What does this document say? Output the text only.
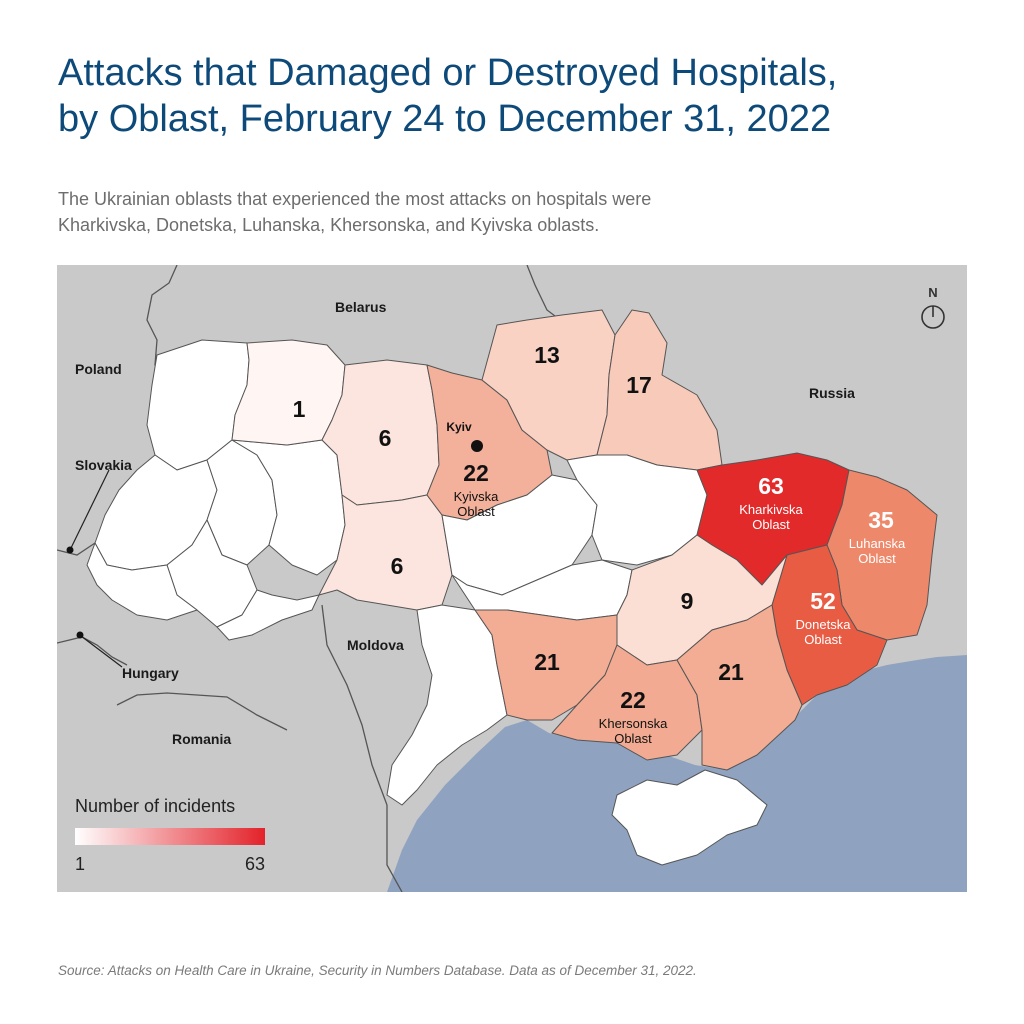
Attacks that Damaged or Destroyed Hospitals,
by Oblast, February 24 to December 31, 2022

The Ukrainian oblasts that experienced the most attacks on hospitals were
Kharkivska, Donetska, Luhanska, Khersonska, and Kyivska oblasts.

Kyiv
Belarus
Poland
Slovakia
Hungary
Moldova
Romania
Russia
1
6
22
Kyivska
Oblast
13
17
63
Kharkivska
Oblast	35
Luhanska
Oblast
52
Donetska
Oblast
6
9
21
22
Khersonska
Oblast
21
N
Number of incidents
1	63
Source: Attacks on Health Care in Ukraine, Security in Numbers Database. Data as of December 31, 2022.
